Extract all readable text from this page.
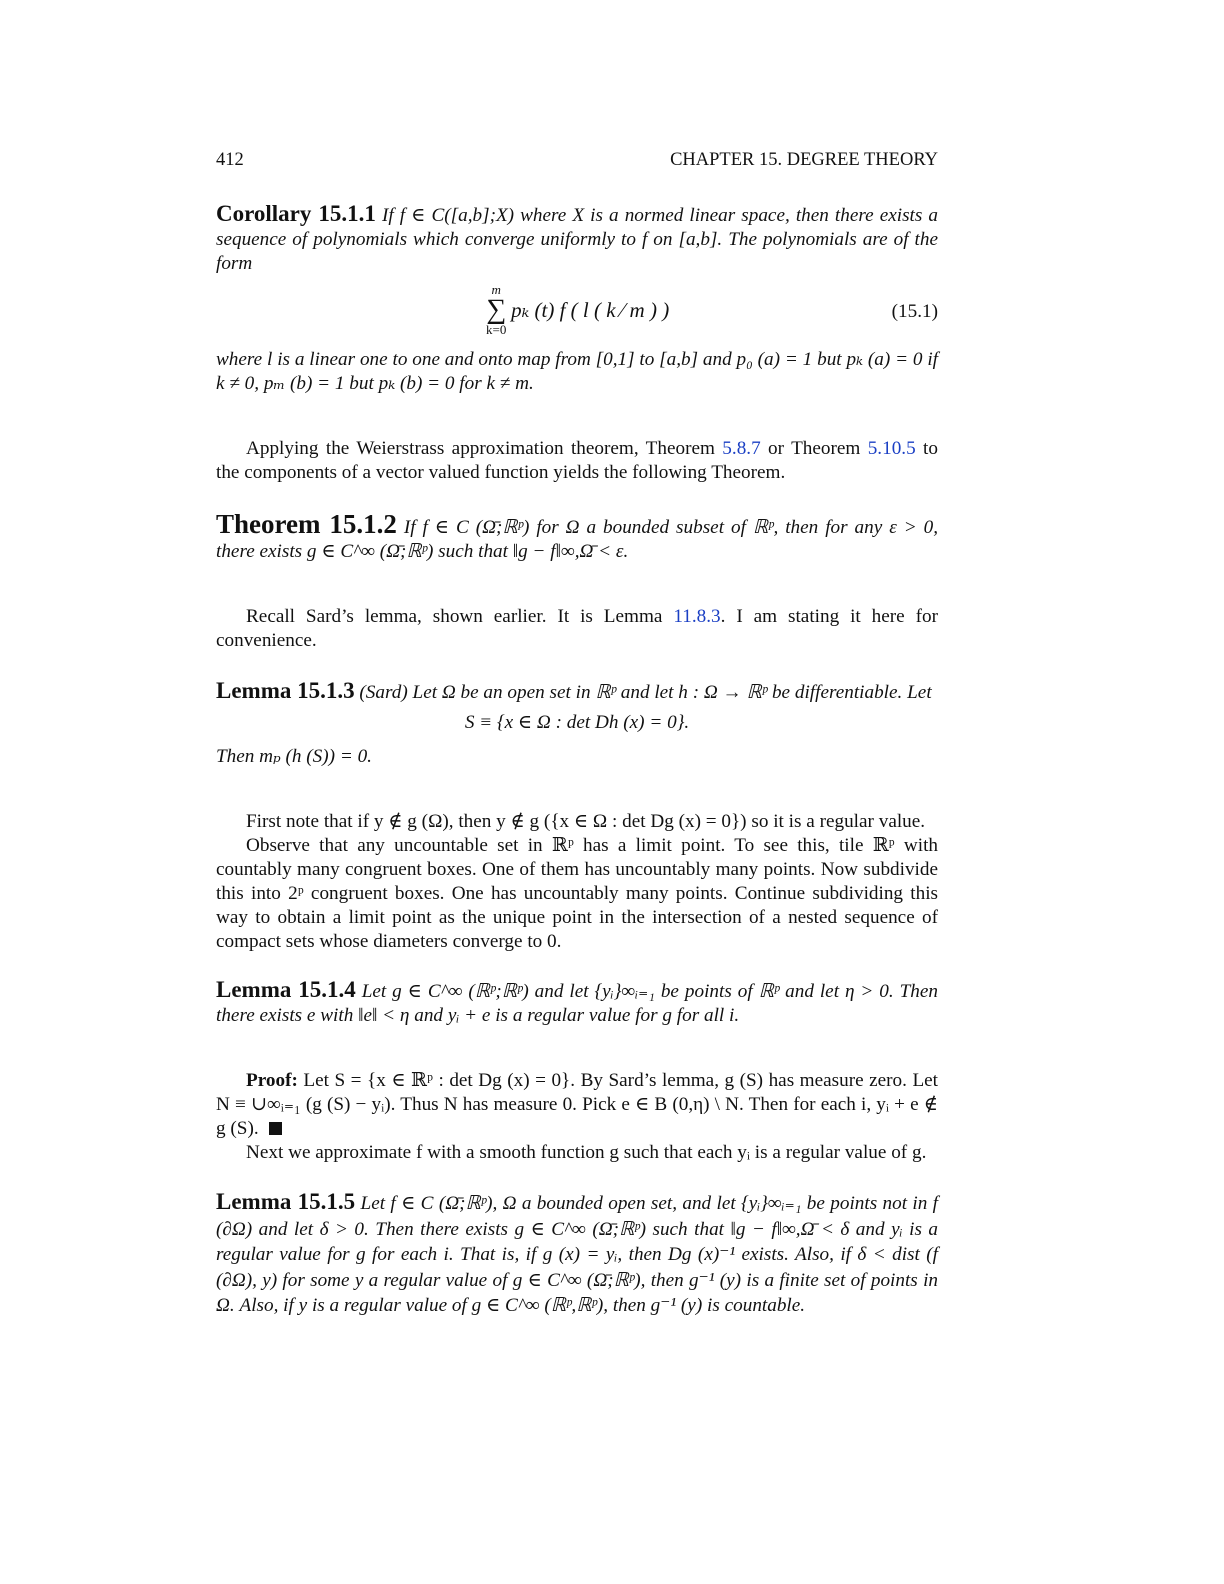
412	CHAPTER 15. DEGREE THEORY

Corollary 15.1.1 If f ∈ C([a,b];X) where X is a normed linear space, then there exists a sequence of polynomials which converge uniformly to f on [a,b]. The polynomials are of the form

m
∑
k=0
pₖ (t) f ( l ( k ⁄ m ) )	(15.1)

where l is a linear one to one and onto map from [0,1] to [a,b] and p₀ (a) = 1 but pₖ (a) = 0 if k ≠ 0, pₘ (b) = 1 but pₖ (b) = 0 for k ≠ m.

Applying the Weierstrass approximation theorem, Theorem 5.8.7 or Theorem 5.10.5 to the components of a vector valued function yields the following Theorem.

Theorem 15.1.2 If f ∈ C (Ω̄;ℝᵖ) for Ω a bounded subset of ℝᵖ, then for any ε > 0, there exists g ∈ C^∞ (Ω̄;ℝᵖ) such that ‖g − f‖∞,Ω̄ < ε.

Recall Sard’s lemma, shown earlier. It is Lemma 11.8.3. I am stating it here for convenience.

Lemma 15.1.3 (Sard) Let Ω be an open set in ℝᵖ and let h : Ω → ℝᵖ be differentiable. Let

S ≡ {x ∈ Ω : det Dh (x) = 0}.

Then mₚ (h (S)) = 0.

First note that if y ∉ g (Ω), then y ∉ g ({x ∈ Ω : det Dg (x) = 0}) so it is a regular value.

Observe that any uncountable set in ℝᵖ has a limit point. To see this, tile ℝᵖ with countably many congruent boxes. One of them has uncountably many points. Now subdivide this into 2ᵖ congruent boxes. One has uncountably many points. Continue subdividing this way to obtain a limit point as the unique point in the intersection of a nested sequence of compact sets whose diameters converge to 0.

Lemma 15.1.4 Let g ∈ C^∞ (ℝᵖ;ℝᵖ) and let {yᵢ}∞ᵢ₌₁ be points of ℝᵖ and let η > 0. Then there exists e with ‖e‖ < η and yᵢ + e is a regular value for g for all i.

Proof: Let S = {x ∈ ℝᵖ : det Dg (x) = 0}. By Sard’s lemma, g (S) has measure zero. Let N ≡ ∪∞ᵢ₌₁ (g (S) − yᵢ). Thus N has measure 0. Pick e ∈ B (0,η) \ N. Then for each i, yᵢ + e ∉ g (S).

Next we approximate f with a smooth function g such that each yᵢ is a regular value of g.

Lemma 15.1.5 Let f ∈ C (Ω̄;ℝᵖ), Ω a bounded open set, and let {yᵢ}∞ᵢ₌₁ be points not in f (∂Ω) and let δ > 0. Then there exists g ∈ C^∞ (Ω̄;ℝᵖ) such that ‖g − f‖∞,Ω̄ < δ and yᵢ is a regular value for g for each i. That is, if g (x) = yᵢ, then Dg (x)⁻¹ exists. Also, if δ < dist (f (∂Ω), y) for some y a regular value of g ∈ C^∞ (Ω̄;ℝᵖ), then g⁻¹ (y) is a finite set of points in Ω. Also, if y is a regular value of g ∈ C^∞ (ℝᵖ,ℝᵖ), then g⁻¹ (y) is countable.
